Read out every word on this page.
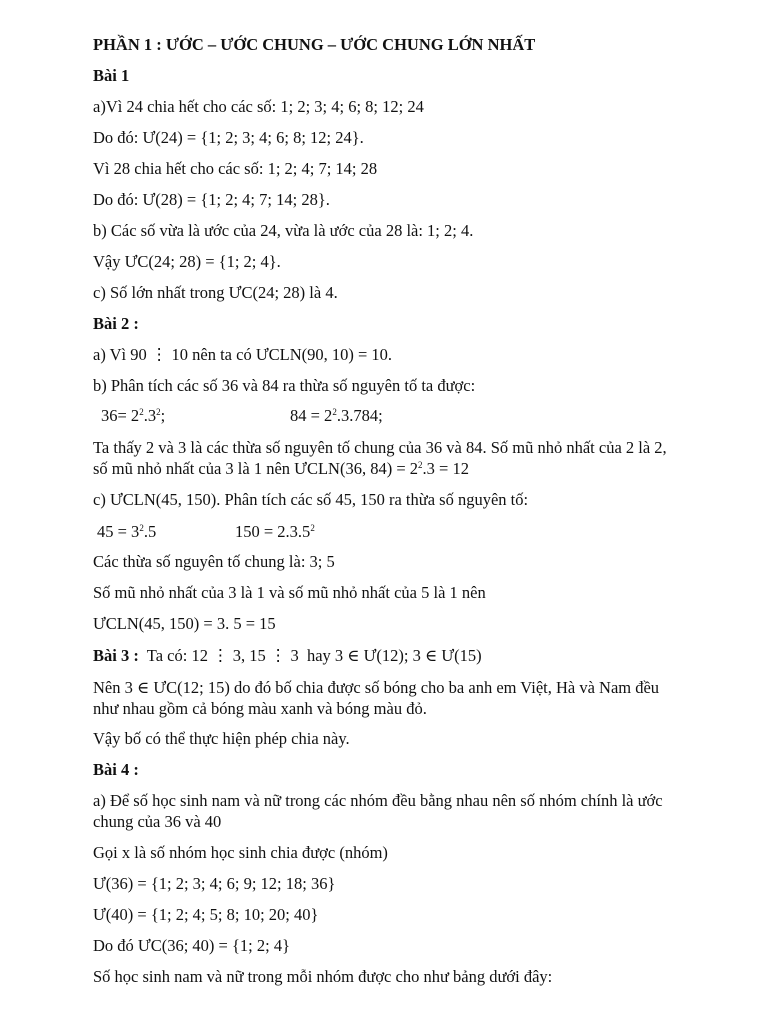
PHẦN 1 : ƯỚC – ƯỚC CHUNG – ƯỚC CHUNG LỚN NHẤT

Bài 1

a)Vì 24 chia hết cho các số: 1; 2; 3; 4; 6; 8; 12; 24

Do đó: Ư(24) = {1; 2; 3; 4; 6; 8; 12; 24}.

Vì 28 chia hết cho các số: 1; 2; 4; 7; 14; 28

Do đó: Ư(28) = {1; 2; 4; 7; 14; 28}.

b) Các số vừa là ước của 24, vừa là ước của 28 là: 1; 2; 4.

Vậy ƯC(24; 28) = {1; 2; 4}.

c) Số lớn nhất trong ƯC(24; 28) là 4.

Bài 2 :

a) Vì 90 ⋮ 10 nên ta có ƯCLN(90, 10) = 10.

b) Phân tích các số 36 và 84 ra thừa số nguyên tố ta được:

$36= 2^2.3^2$;	$84 = 2^2.3.784$;

Ta thấy 2 và 3 là các thừa số nguyên tố chung của 36 và 84. Số mũ nhỏ nhất của 2 là 2,

số mũ nhỏ nhất của 3 là 1 nên ƯCLN(36, $84) = 2^2.3 = 12$

c) ƯCLN(45, 150). Phân tích các số 45, 150 ra thừa số nguyên tố:

$45 = 3^2.5$	$150 = 2.3.5^2$

Các thừa số nguyên tố chung là: 3; 5

Số mũ nhỏ nhất của 3 là 1 và số mũ nhỏ nhất của 5 là 1 nên

ƯCLN(45, 150) = 3. 5 = 15

Bài 3 :  Ta có: 12 ⋮ 3, 15 ⋮ 3  hay 3 ∈ Ư(12); 3 ∈ Ư(15)

Nên 3 ∈ ƯC(12; 15) do đó bố chia được số bóng cho ba anh em Việt, Hà và Nam đều

như nhau gồm cả bóng màu xanh và bóng màu đỏ.

Vậy bố có thể thực hiện phép chia này.

Bài 4 :

a) Để số học sinh nam và nữ trong các nhóm đều bằng nhau nên số nhóm chính là ước

chung của 36 và 40

Gọi x là số nhóm học sinh chia được (nhóm)

Ư(36) = {1; 2; 3; 4; 6; 9; 12; 18; 36}

Ư(40) = {1; 2; 4; 5; 8; 10; 20; 40}

Do đó ƯC(36; 40) = {1; 2; 4}

Số học sinh nam và nữ trong mỗi nhóm được cho như bảng dưới đây:
